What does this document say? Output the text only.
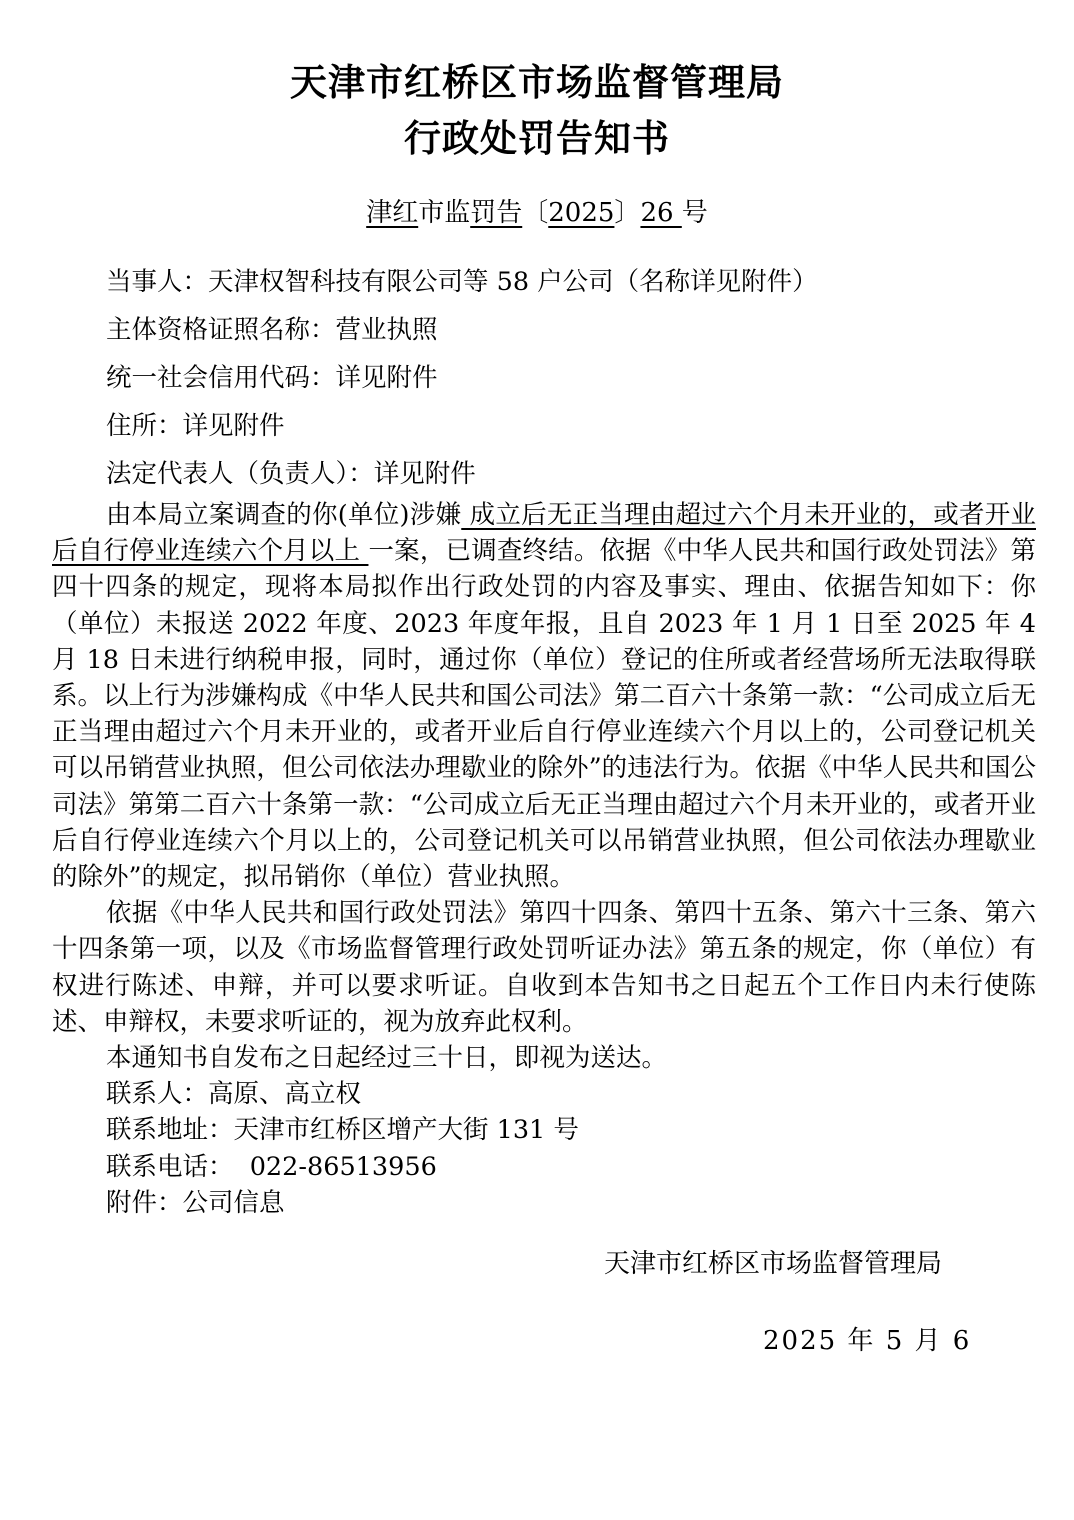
天津市红桥区市场监督管理局
行政处罚告知书
津红市监罚告〔2025〕26 号

当事人：天津权智科技有限公司等 58 户公司（名称详见附件）

主体资格证照名称：营业执照

统一社会信用代码：详见附件

住所：详见附件

法定代表人（负责人）：详见附件

由本局立案调查的你(单位)涉嫌 成立后无正当理由超过六个月未开业的，或者开业后自行停业连续六个月以上 一案，已调查终结。依据《中华人民共和国行政处罚法》第四十四条的规定，现将本局拟作出行政处罚的内容及事实、理由、依据告知如下：你（单位）未报送 2022 年度、2023 年度年报，且自 2023 年 1 月 1 日至 2025 年 4 月 18 日未进行纳税申报，同时，通过你（单位）登记的住所或者经营场所无法取得联系。以上行为涉嫌构成《中华人民共和国公司法》第二百六十条第一款：“公司成立后无正当理由超过六个月未开业的，或者开业后自行停业连续六个月以上的，公司登记机关可以吊销营业执照，但公司依法办理歇业的除外”的违法行为。依据《中华人民共和国公司法》第第二百六十条第一款：“公司成立后无正当理由超过六个月未开业的，或者开业后自行停业连续六个月以上的，公司登记机关可以吊销营业执照，但公司依法办理歇业的除外”的规定，拟吊销你（单位）营业执照。

依据《中华人民共和国行政处罚法》第四十四条、第四十五条、第六十三条、第六十四条第一项，以及《市场监督管理行政处罚听证办法》第五条的规定，你（单位）有权进行陈述、申辩，并可以要求听证。自收到本告知书之日起五个工作日内未行使陈述、申辩权，未要求听证的，视为放弃此权利。

本通知书自发布之日起经过三十日，即视为送达。

联系人：高原、高立权

联系地址：天津市红桥区增产大街 131 号

联系电话：  022-86513956

附件：公司信息

天津市红桥区市场监督管理局
2025 年 5 月 6
